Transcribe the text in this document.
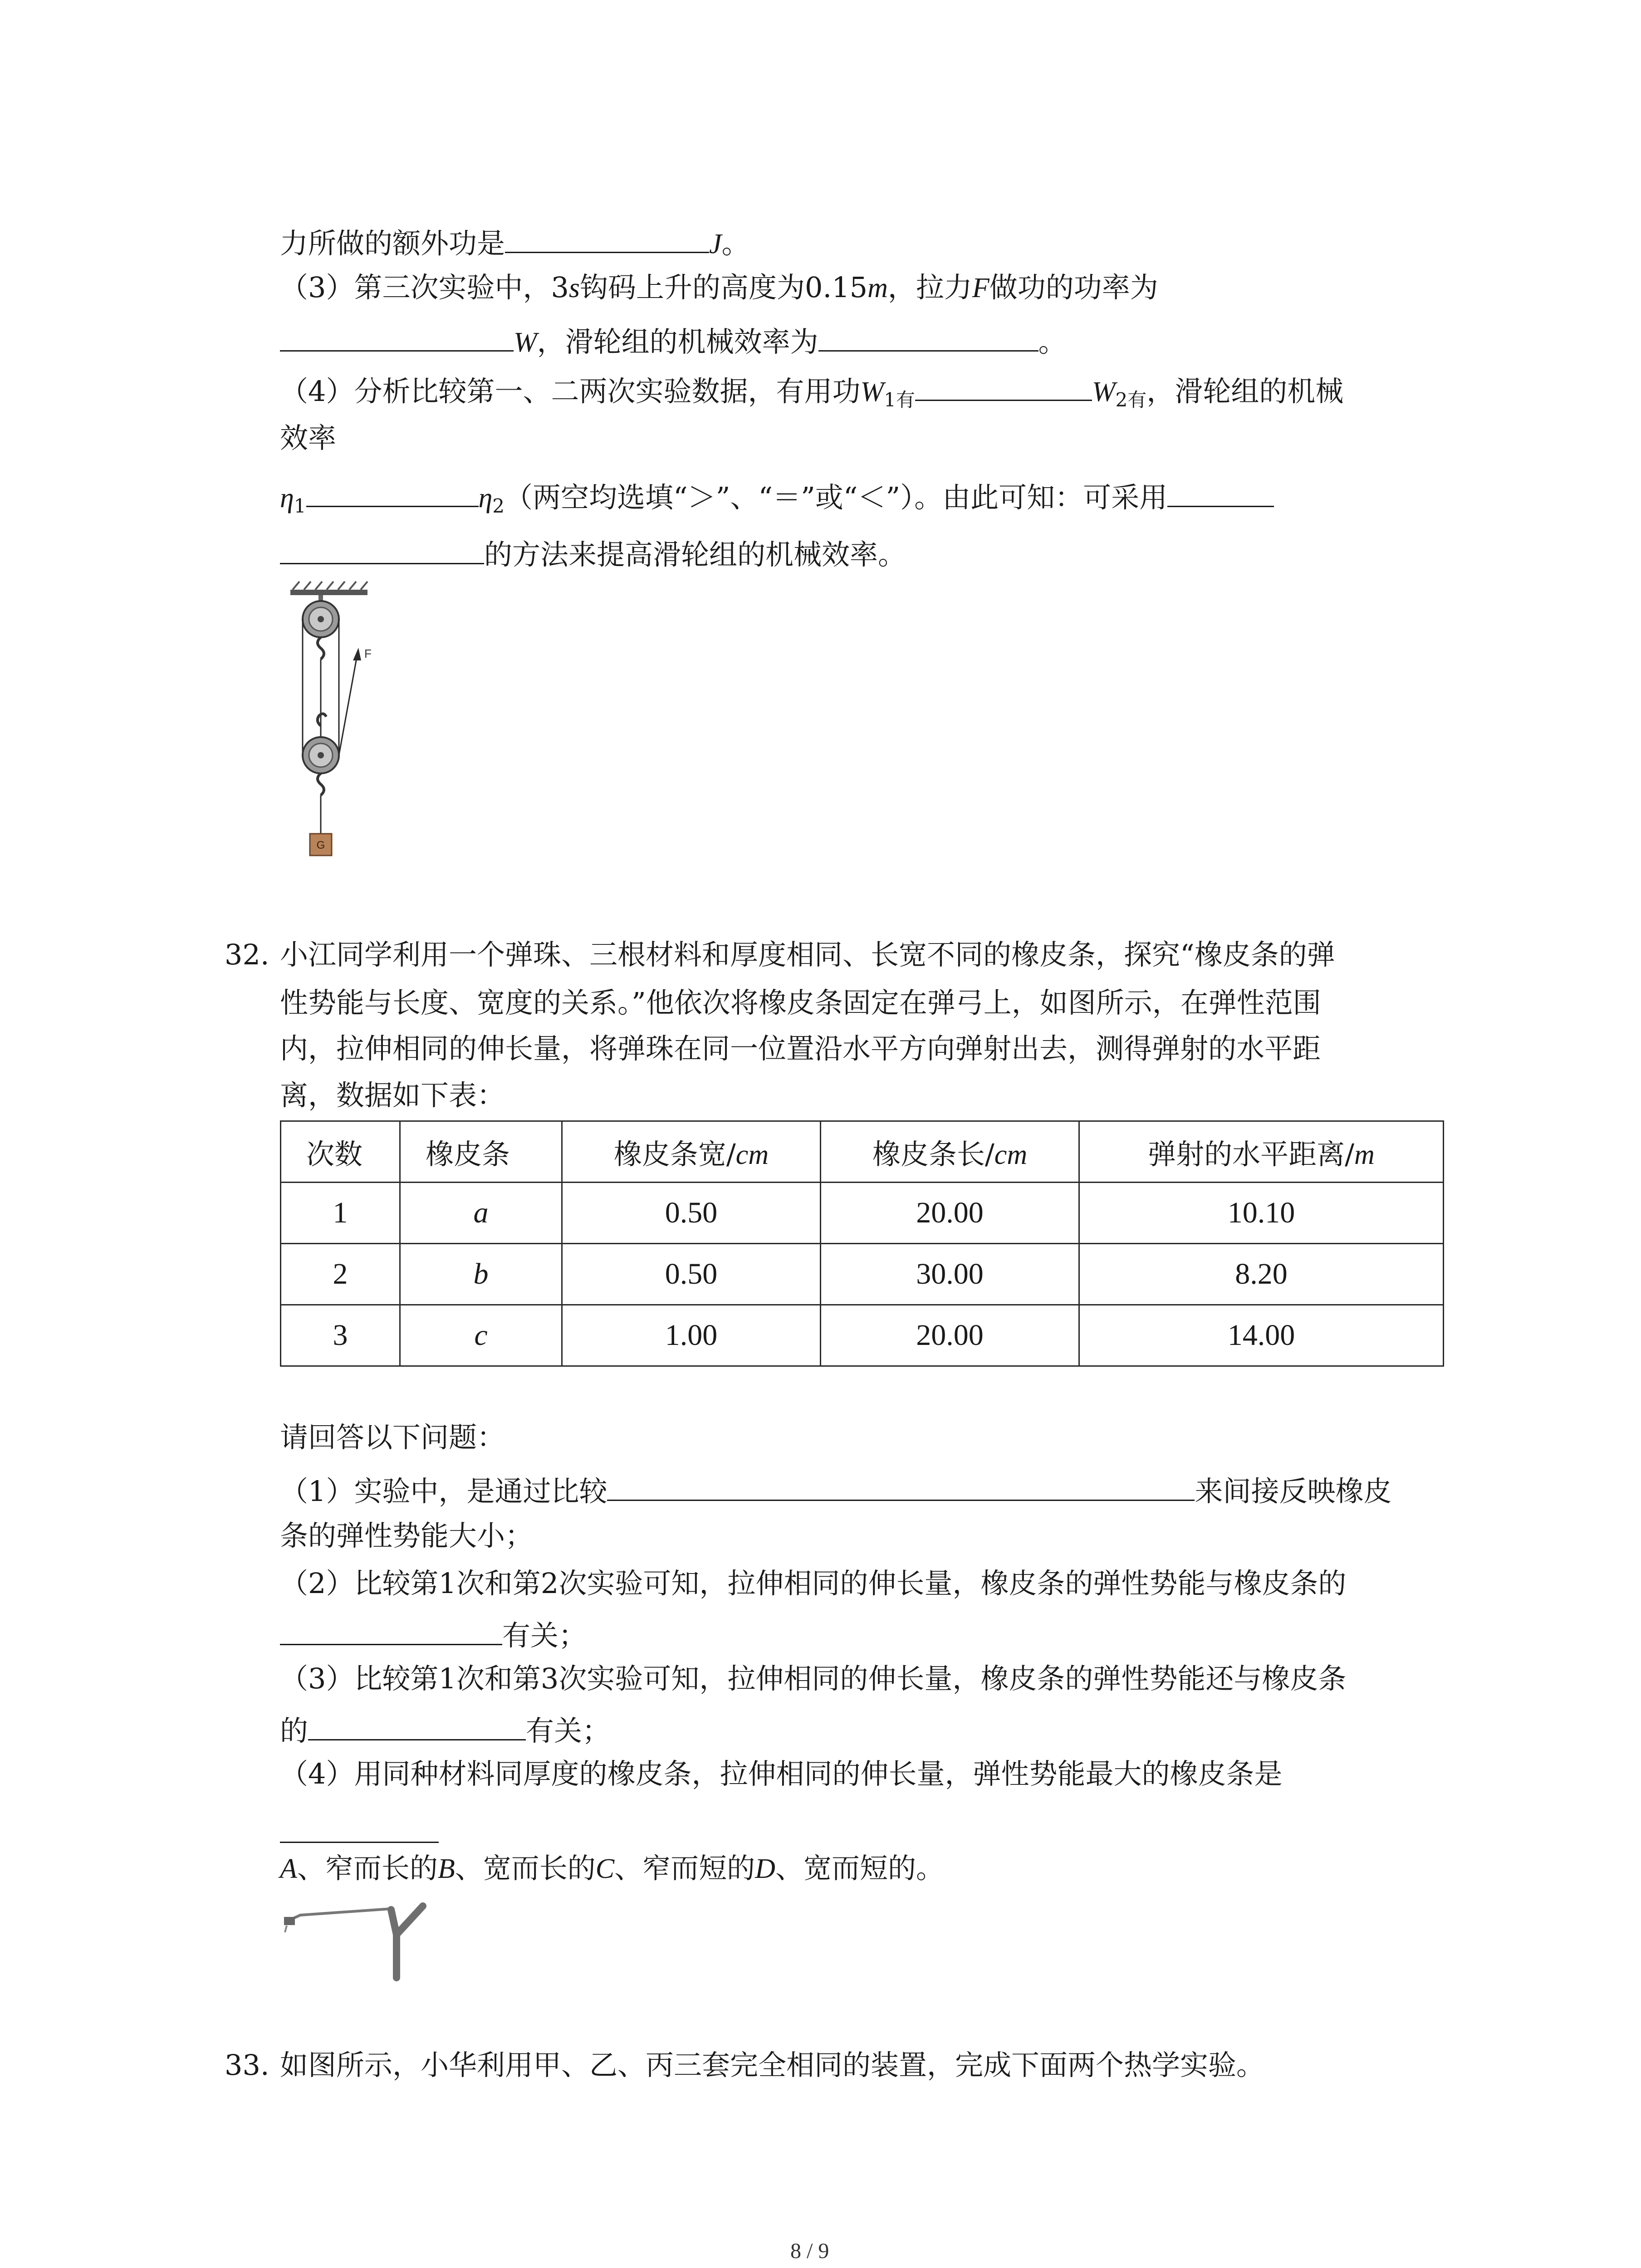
力所做的额外功是	J。
（3）第三次实验中，3s钩码上升的高度为0.15m，拉力F做功的功率为
W，滑轮组的机械效率为	。
（4）分析比较第一、二两次实验数据，有用功$W_{1有}$	$W_{2有}$，滑轮组的机械
效率
$\eta_1$	$\eta_2$（两空均选填“＞”、“＝”或“＜”）。由此可知：可采用
的方法来提高滑轮组的机械效率。
F
G
32. 小江同学利用一个弹珠、三根材料和厚度相同、长宽不同的橡皮条，探究“橡皮条的弹
性势能与长度、宽度的关系。”他依次将橡皮条固定在弹弓上，如图所示，在弹性范围
内，拉伸相同的伸长量，将弹珠在同一位置沿水平方向弹射出去，测得弹射的水平距
离，数据如下表：
次数	橡皮条	橡皮条宽/cm	橡皮条长/cm	弹射的水平距离/m
1	a	0.50	20.00	10.10
2	b	0.50	30.00	8.20
3	c	1.00	20.00	14.00
请回答以下问题：
（1）实验中，是通过比较	来间接反映橡皮
条的弹性势能大小；
（2）比较第1次和第2次实验可知，拉伸相同的伸长量，橡皮条的弹性势能与橡皮条的
有关；
（3）比较第1次和第3次实验可知，拉伸相同的伸长量，橡皮条的弹性势能还与橡皮条
的	有关；
（4）用同种材料同厚度的橡皮条，拉伸相同的伸长量，弹性势能最大的橡皮条是
A、窄而长的B、宽而长的C、窄而短的D、宽而短的。
33. 如图所示，小华利用甲、乙、丙三套完全相同的装置，完成下面两个热学实验。
8 / 9
